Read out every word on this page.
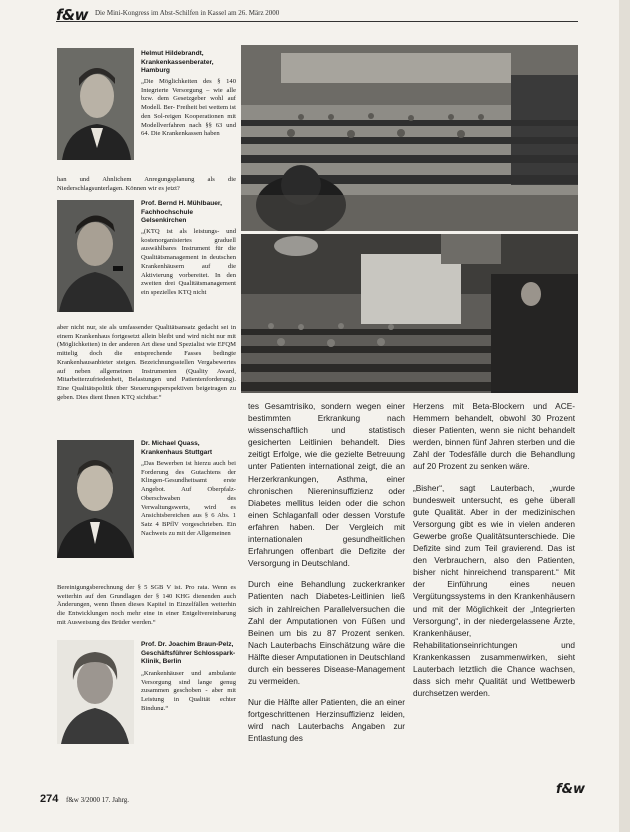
f&w Die Mini-Kongress im Abst-Schilfen in Kassel am 26. März 2000
Helmut Hildebrandt, Krankenkassenberater, Hamburg
„Die Möglichkeiten des § 140 Integrierte Versorgung – wie alle bzw. dem Gesetzgeber wohl auf Modell. Ber- Freiheit bei wettem ist den Sol-reigen Kooperationen mit Modellverfahren nach §§ 63 und 64. Die Krankenkassen haben
han und Ahnlichem Anregungsplanung als die Niederschlagsunterlagen. Können wir es jetzt?
Prof. Bernd H. Mühlbauer, Fachhochschule Gelsenkirchen
„(KTQ ist als leistungs- und kostenorganisiertes graduell auswählbares Instrument für die Qualitätsmanagement in deutschen Krankenhäusern auf die Aktivierung vorbereitet. In den zweiten drei Qualitätsmanagement ein spezielles KTQ nicht
aber nicht nur, sie als umfassender Qualitätsansatz gedacht sei in einem Krankenhaus fortgesetzt allein bleibt und wird nicht nur mit (Möglichkeiten) in der anderen Art diese und Spezialist wie EFQM mittelig doch die entsprechende Fasses bedingte Krankenhausanbieter steigen. Bezeichnungsstellen Vergabewertes auf neben allgemeinen Instrumenten (Quality Award, Mitarbeiterzufriedenheit, Belastungen und Patientenforderung). Eine Qualitätspolitik über Steuerungsperspektiven beigetragen zu geben. Dies dient Ihnen KTQ sichtbar.“
Dr. Michael Quass, Krankenhaus Stuttgart
„Das Bewerben ist hierzu auch bei Forderung des Gutachtens der Klingen-Gesundheitsamt erste Angebot. Auf Oberpfalz-Oberschwaben des Verwaltungswerts, wird es Ansichtsbereichen aus § 6 Abs. 1 Satz 4 BPflV vorgeschrieben. Ein Nachweis zu mit der Allgemeinen
Bereinigungsberechnung der § 5 SGB V ist. Pro rata. Wenn es weiterhin auf den Grundlagen der § 140 KHG dienenden auch Änderungen, wenn Ihnen dieses Kapitel in Einzelfällen weiterhin die Entwicklungen noch mehr eine in einer Entgeltvereinbarung mit Ausweisung des Brüder werden.“
Prof. Dr. Joachim Braun-Pelz, Geschäftsführer Schlosspark-Klinik, Berlin
„Krankenhäuser und ambulante Versorgung sind lange genug zusammen geschoben - aber mit Leistung in Qualität echter Bindung.“

tes Gesamtrisiko, sondern wegen einer bestimmten Erkrankung nach wissenschaftlich und statistisch gesicherten Leitlinien behandelt. Dies zeitigt Erfolge, wie die gezielte Betreuung unter Patienten international zeigt, die an Herzerkrankungen, Asthma, einer chronischen Niereninsuffizienz oder Diabetes mellitus leiden oder die schon einen Schlaganfall oder dessen Vorstufe erfahren haben. Der Vergleich mit internationalen gesundheitlichen Erfahrungen offenbart die Defizite der Versorgung in Deutschland.

Durch eine Behandlung zuckerkranker Patienten nach Diabetes-Leitlinien ließ sich in zahlreichen Parallelversuchen die Zahl der Amputationen von Füßen und Beinen um bis zu 87 Prozent senken. Nach Lauterbachs Einschätzung wäre die Hälfte dieser Amputationen in Deutschland durch ein besseres Disease-Management zu vermeiden.

Nur die Hälfte aller Patienten, die an einer fortgeschrittenen Herzinsuffizienz leiden, wird nach Lauterbachs Angaben zur Entlastung des

Herzens mit Beta-Blockern und ACE-Hemmern behandelt, obwohl 30 Prozent dieser Patienten, wenn sie nicht behandelt werden, binnen fünf Jahren sterben und die Zahl der Todesfälle durch die Behandlung auf 20 Prozent zu senken wäre.

„Bisher“, sagt Lauterbach, „wurde bundesweit untersucht, es gehe überall gute Qualität. Aber in der medizinischen Versorgung gibt es wie in vielen anderen Gewerbe große Qualitätsunterschiede. Die Defizite sind zum Teil gravierend. Das ist den Verbrauchern, also den Patienten, bisher nicht hinreichend transparent.“ Mit der Einführung eines neuen Vergütungssystems in den Krankenhäusern und mit der Möglichkeit der „Integrierten Versorgung“, in der niedergelassene Ärzte, Krankenhäuser, Rehabilitationseinrichtungen und Krankenkassen zusammenwirken, sieht Lauterbach letztlich die Chance wachsen, dass sich mehr Qualität und Wettbewerb durchsetzen werden.

274 f&w 3/2000 17. Jahrg.
f&w
